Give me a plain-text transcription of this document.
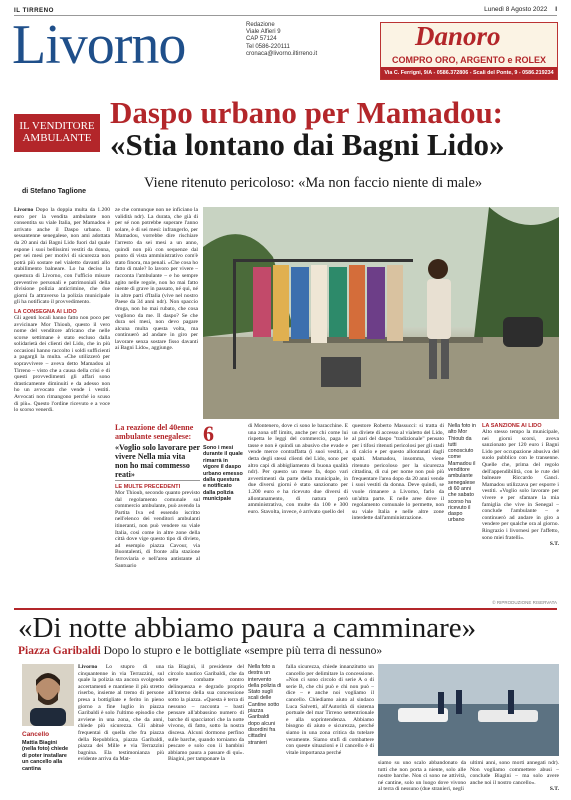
IL TIRRENO	Lunedì 8 Agosto 2022 I
Livorno	Redazione
Viale Alfieri 9
CAP 57124
Tel 0586-220111
cronaca@livorno.iltirreno.it
Danoro
COMPRO ORO, ARGENTO e ROLEX
Via C. Ferrigni, 9/A - 0586.372806 - Scali del Ponte, 9 - 0586.219234
IL VENDITORE
AMBULANTE
Daspo urbano per Mamadou:
«Stia lontano dai Bagni Lido»
di Stefano Taglione
Viene ritenuto pericoloso: «Ma non faccio niente di male»

Livorno Dopo la doppia multa da 1.200 euro per la vendita ambulante non consentita su viale Italia, per Mamadou è arrivato anche il Daspo urbano. Il sessantenne senegalese, non ami adottata da 20 anni dai Bagni Lido fuori dal quale espone i suoi bellissimi vestiti da donna, per sei mesi per motivi di sicurezza non potrà più sostare nel vialetto davanti allo stabilimento balneare. Lo ha deciso la questura di Livorno, con l'ufficio misure preventive personali e patrimoniali della divisione polizia anticrimine, che due giorni fa attraverso la polizia municipale gli ha notificato il provvedimento.

LA CONSEGNA AI LIDO

Gli agenti locali hanno fatto non poco per avvicinare Mor Thioub, questo il vero nome del venditore africano che nelle scorse settimane è stato escluso dalla solidarietà dei clienti del Lido, che in più occasioni hanno raccolto i soldi sufficienti a pagargli la multa. «Che utilizzerò per sopravvivere – aveva detto Mamadou al Tirreno – visto che a causa della crisi e di questi provvedimenti gli affari sono drasticamente diminuiti e da adesso non ho un avvocato che vende i vestiti. Avvocati non rimangono perché io scuso di più». Questo l'ordine ricevuto e a voce lo scorso venerdì.

ze che comunque non ne inficiano la validità ndr). La durata, che già di per sé non potrebbe superare l'anno solare, è di sei mesi: infrangerlo, per Mamadou, vorrebbe dire rischiare l'arresto da sei mesi a un anno, quindi non più con sequenze dal punto di vista amministrativo com'è stato finora, ma penali. «Che cosa ho fatto di male? Io lavoro per vivere – racconta l'ambulante – e ho sempre agito nelle regole, non ho mai fatto niente di grave in passato, né qui, né in altre parti d'Italia (vive nel nostro Paese da 34 anni ndr). Non spaccio droga, non ho mai rubato, che cosa vogliono da me. Il daspo? Se che dura sei mesi, non devo pagare alcuna multa questa volta, ma continuerò ad andare in giro per lavorare senza sostare fisso davanti ai Bagni Lido», aggiunge.

La reazione del 40enne ambulante senegalese:
«Voglio solo lavorare per vivere Nella mia vita non ho mai commesso reati»
LE MULTE PRECEDENTI

Mor Thioub, secondo quanto previsto dal regolamento comunale sul commercio ambulante, può avendo la Partita Iva ed essendo iscritto nell'elenco dei venditori ambulanti itineranti, non può vendere su viale Italia, così come in altre zone della città dove vige questo tipo di divieto, ad esempio piazza Cavour, via Buontalenti, di fronte alla stazione ferroviaria e nell'area antistante al Santuario

6
Sono i mesi durante il quale rimarrà in vigore il daspo urbano emesso dalla questura e notificato dalla polizia municipale

di Montenero, dove ci sono le baracchine. E una zona off limits, anche per chi come lui rispetta le leggi del commercio, paga le tasse e non è quindi un abusivo che evade e vende merce contraffatta (i suoi vestiti, a detta degli stessi clienti del Lido, sono per altro capi di abbigliamento di buona qualità ndr). Per questo un mese fa, dopo vari avvertimenti da parte della municipale, in due diversi giorni è stato sanzionato per 1.200 euro e ha ricevuto due diversi di allontanamento, di natura però amministrativa, con multe da 100 e 300 euro. Stavolta, invece, è arrivato quello del

questore Roberto Massucci: si tratta di un diviete di accesso al vialetto del Lido, al pari del daspo "tradizionale" pensato per i tifosi ritenuti pericolosi per gli stadi di calcio e per questo allontanati dagli spalti. Mamadou, insomma, viene ritenuto pericoloso per la sicurezza cittadina, di cui per nome non può più frequentare l'area dopo da 20 anni vende i suoi vestiti da donna. Deve quindi, se vuole rimanere a Livorno, farlo da un'altra parte. E nelle aree dove il regolamento comunale lo permette, non su viale Italia e nelle altre zone interdette dall'amministrazione.

Nella foto in alto Mor Thioub da tutti conosciuto come Mamadou il venditore ambulante senegalese di 60 anni che sabato scorso ha ricevuto il daspo urbano
LA SANZIONE AI LIDO

Alto stesso tempo la municipale, nei giorni scorsi, aveva sanzionato per 120 euro i Bagni Lido per occupazione abusiva del suolo pubblico con le transenne. Quelle che, prima del regolo dell'appendibilità, con le rute del balneare Riccardo Gancì. Mamadou utilizzava per esporre i vestiti. «Voglio solo lavorare per vivere e per sfamare la mia famiglia che vive in Senegal – conclude l'ambulante – e continuerò ad andare in giro a vendere per qualche ora al giorno. Ringrazio i livornesi per l'affetto, sono miei fratelli».

S.T.
© RIPRODUZIONE RISERVATA
«Di notte abbiamo paura a camminare»
Piazza Garibaldi Dopo lo stupro e le bottigliate «sempre più terra di nessuno»
Cancello
Mattia Biagini (nella foto) chiede di poter installare un cancello alla cantina

Livorno Lo stupro di una cinquantenne in via Terrazzini, sul quale la polizia sta ancora svolgendo accertamenti e mantiene il più stretto riserbo, insieme al tremo di persone presa a bottigliate e ferito in pieno giorno a fine luglio in piazza Garibaldi è solo l'ultimo episodio che avviene in una zona, che da anni, chiede più sicurezza. Gli abituè frequentai di quella che fra piazza della Repubblica, piazza Garibaldi, piazza dei Mille e via Terrazzini bagnina. Ela testimonianza più evidente arriva da Mat-

tia Biagini, il presidente del circolo nautico Garibaldi, che da sette combatte contro delinquenza e degrado proprio all'interno della sua concessione sotto la piazza. «Questa è terra di nessuno – racconta – basti pensare all'abbassino numero di barche di spacciatori che la notte vivono, di fatto, sotto la nostra discesa. Alcuni dormono perfino sulle barche, quando torniamo da pescare e solo con ii bambini abbiamo paura a passare di qui». Biagini, per tamponare la

Nella foto a destra un intervento della polizia di Stato sugli scali delle Cantine sotto piazza Garibaldi dopo alcuni disordini fra cittadini stranieri

falla sicurezza, chiede innanzitutto un cancello per delimitare la concessione. «Non ci sono circolo di serie A o di serie B, che chi può e chi non può – dice – e anche noi vogliamo il cancello. Chiediamo aiuto al sindaco Luca Salvetti, all'Autorità di sistema portuale del mar Tirreno settentrionale e alla soprintendenza. Abbiamo bisogno di aiuto e sicurezza, perché siamo in una zona critica da tutelare veramente. Siamo stufi di combattere con queste situazioni e il cancello è di vitale importanza perché

siamo su uno scalo abbandonato da tutti che non porta a niente, solo alle nostre barche. Non ci sono ne attività, né cantine, solo un luogo dove vivono al terra di nessuno (due stranieri, negli

ultimi anni, sono morti annegati ndr). Non vogliamo commettere abusi – conclude Biagini – ma solo avere anche noi il nostro cancello».

S.T.
